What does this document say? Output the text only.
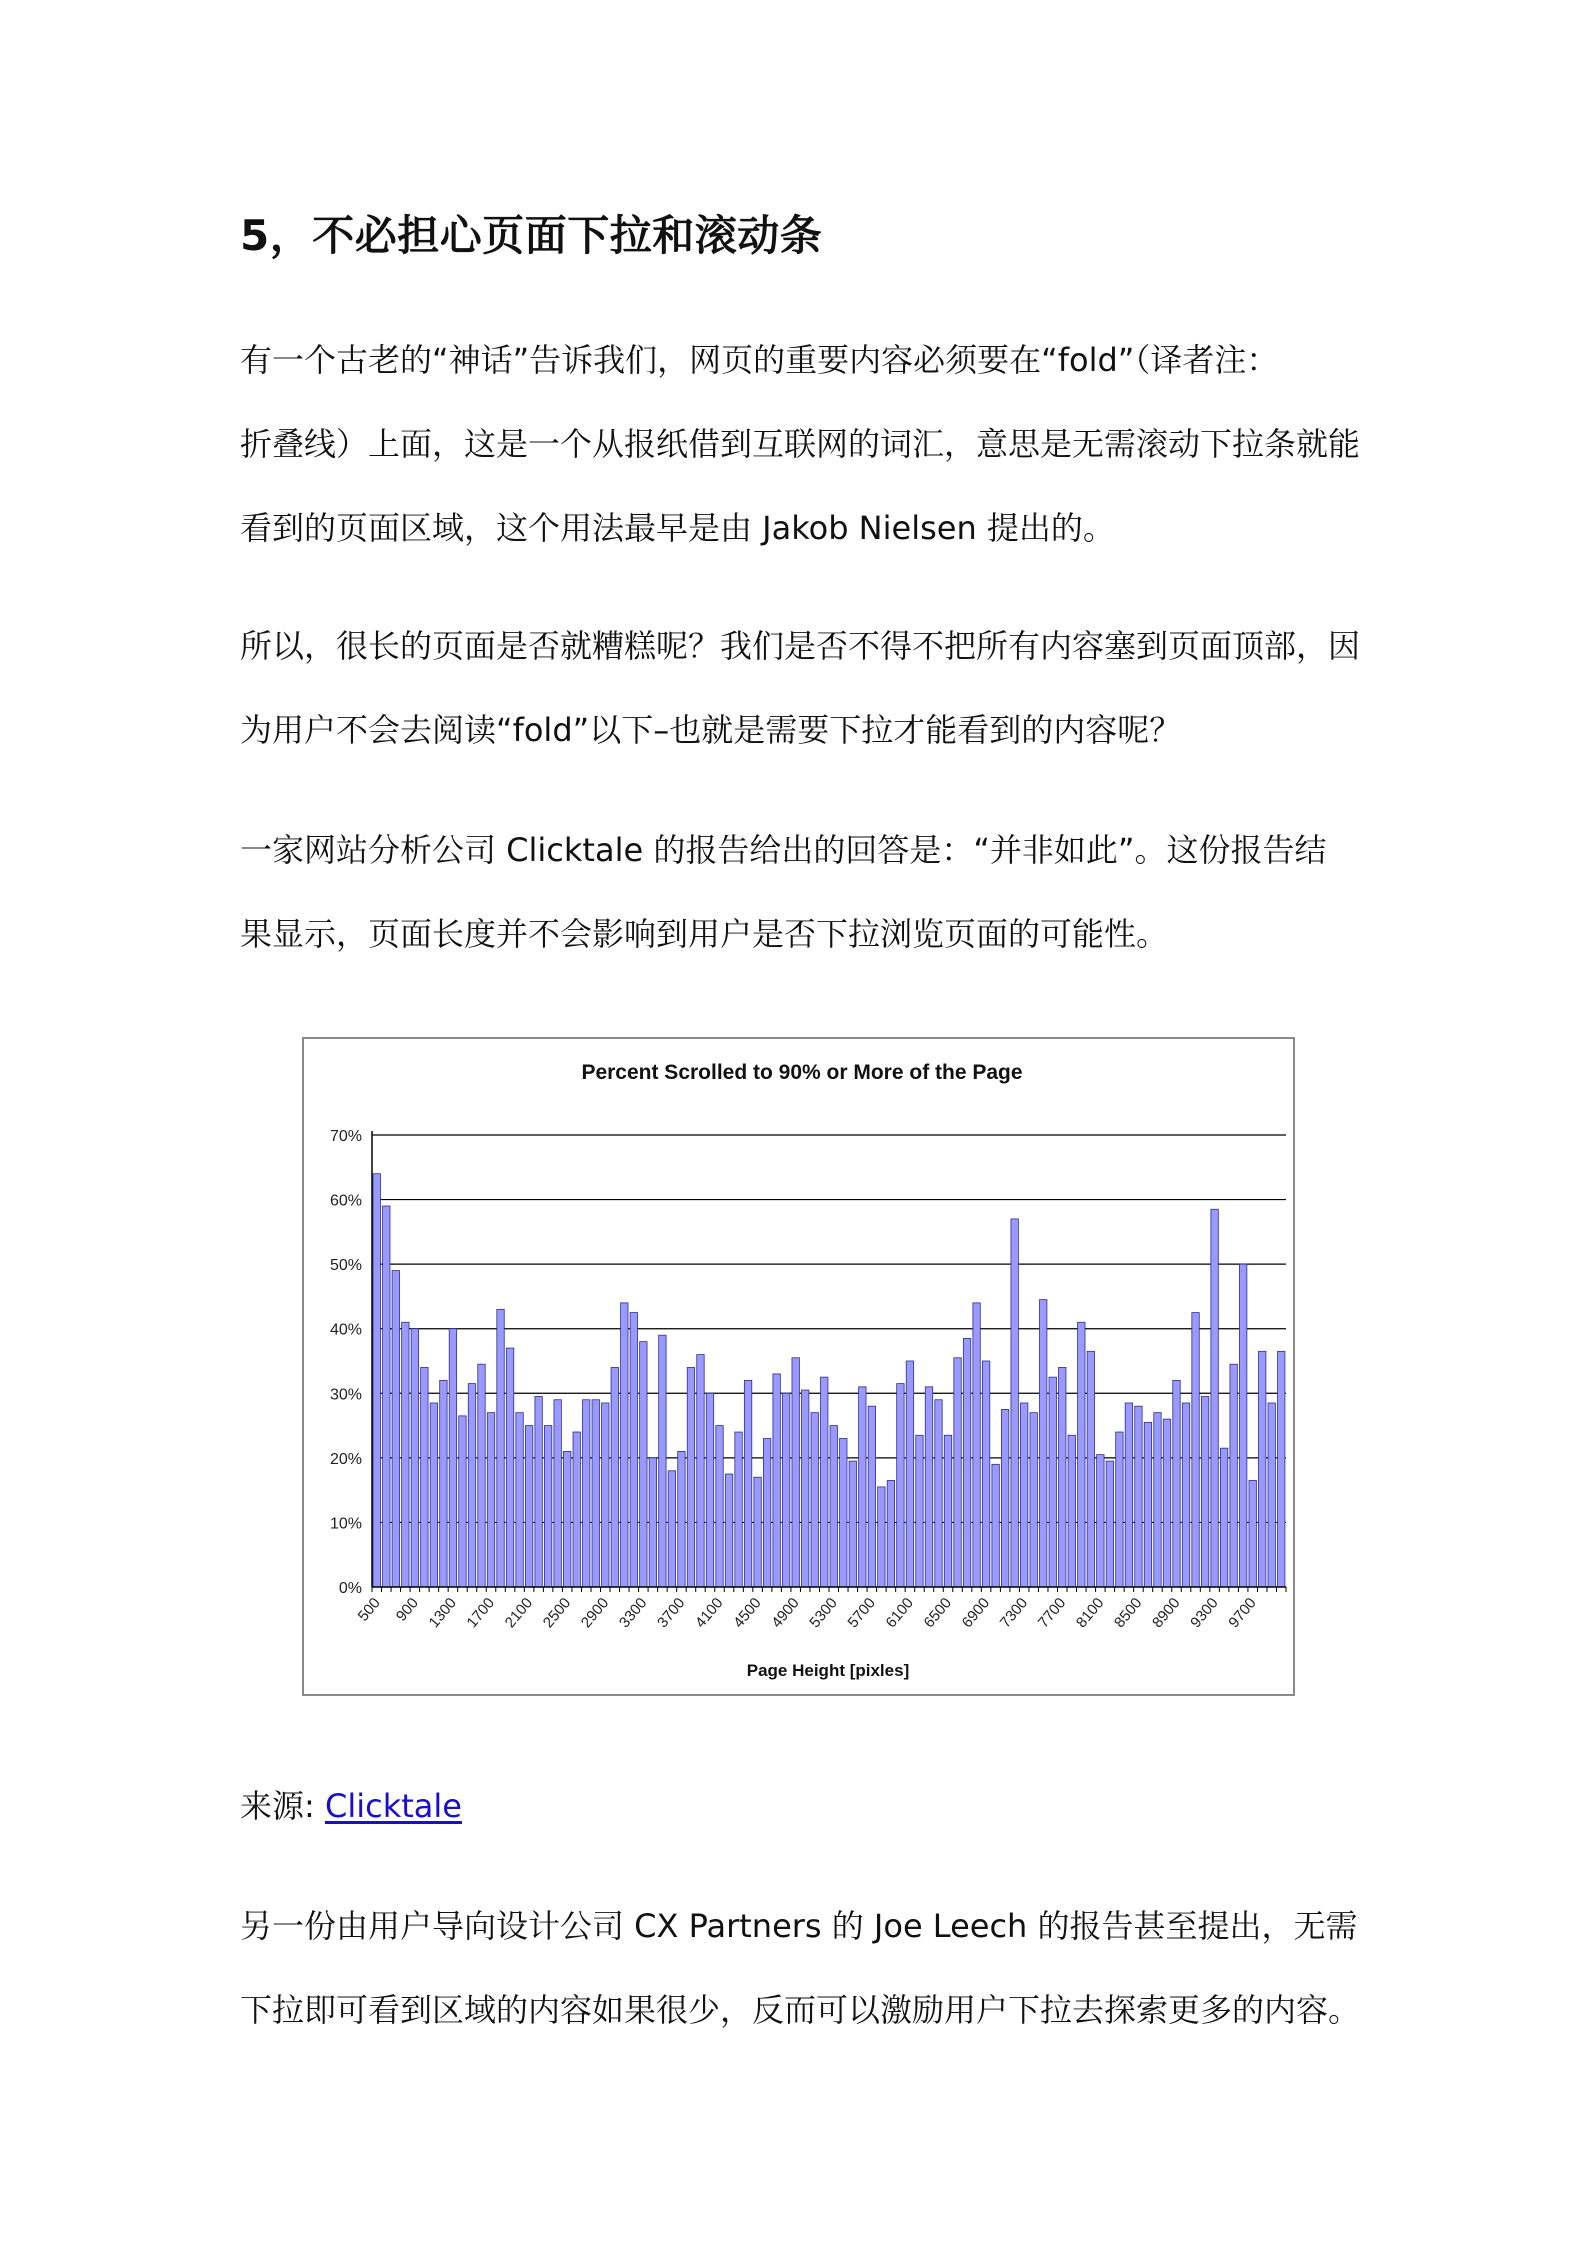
5，不必担心页面下拉和滚动条

有一个古老的“神话”告诉我们，网页的重要内容必须要在“fold”（译者注：
折叠线）上面，这是一个从报纸借到互联网的词汇，意思是无需滚动下拉条就能
看到的页面区域，这个用法最早是由 Jakob Nielsen 提出的。

所以，很长的页面是否就糟糕呢？我们是否不得不把所有内容塞到页面顶部，因
为用户不会去阅读“fold”以下–也就是需要下拉才能看到的内容呢？

一家网站分析公司 Clicktale 的报告给出的回答是：“并非如此”。这份报告结
果显示，页面长度并不会影响到用户是否下拉浏览页面的可能性。

Percent Scrolled to 90% or More of the Page
0%
10%
20%
30%
40%
50%
60%
70%
500 900 1300 1700 2100 2500 2900 3300 3700 4100 4500 4900 5300 5700 6100 6500 6900 7300 7700 8100 8500 8900 9300 9700
Page Height [pixles]
来源: Clicktale

另一份由用户导向设计公司 CX Partners 的 Joe Leech 的报告甚至提出，无需
下拉即可看到区域的内容如果很少，反而可以激励用户下拉去探索更多的内容。
